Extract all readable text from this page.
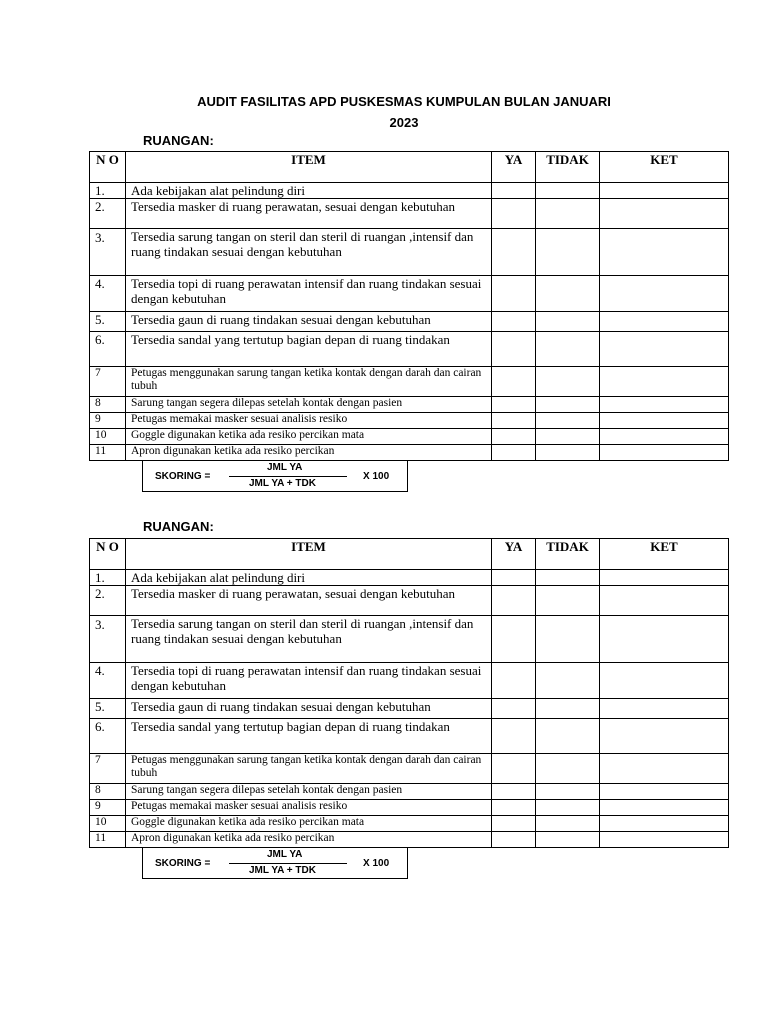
AUDIT FASILITAS APD PUSKESMAS KUMPULAN BULAN JANUARI
2023
RUANGAN:
N O	ITEM	YA	TIDAK	KET
1.	Ada kebijakan alat pelindung diri			
2.	Tersedia masker di ruang perawatan, sesuai dengan kebutuhan			
3.	Tersedia sarung tangan on steril dan steril di ruangan ,intensif dan ruang tindakan sesuai dengan kebutuhan			
4.	Tersedia topi di ruang perawatan intensif dan ruang tindakan sesuai dengan kebutuhan			
5.	Tersedia gaun di ruang tindakan sesuai dengan kebutuhan			
6.	Tersedia sandal yang tertutup bagian depan di ruang tindakan			
7	Petugas menggunakan sarung tangan ketika kontak dengan darah dan cairan tubuh			
8	Sarung tangan segera dilepas setelah kontak dengan pasien			
9	Petugas memakai masker sesuai analisis resiko			
10	Goggle digunakan ketika ada resiko percikan mata			
11	Apron digunakan ketika ada resiko percikan			
SKORING =
JML YA
JML YA + TDK
X 100
RUANGAN:
N O	ITEM	YA	TIDAK	KET
1.	Ada kebijakan alat pelindung diri			
2.	Tersedia masker di ruang perawatan, sesuai dengan kebutuhan			
3.	Tersedia sarung tangan on steril dan steril di ruangan ,intensif dan ruang tindakan sesuai dengan kebutuhan			
4.	Tersedia topi di ruang perawatan intensif dan ruang tindakan sesuai dengan kebutuhan			
5.	Tersedia gaun di ruang tindakan sesuai dengan kebutuhan			
6.	Tersedia sandal yang tertutup bagian depan di ruang tindakan			
7	Petugas menggunakan sarung tangan ketika kontak dengan darah dan cairan tubuh			
8	Sarung tangan segera dilepas setelah kontak dengan pasien			
9	Petugas memakai masker sesuai analisis resiko			
10	Goggle digunakan ketika ada resiko percikan mata			
11	Apron digunakan ketika ada resiko percikan			
SKORING =
JML YA
JML YA + TDK
X 100
